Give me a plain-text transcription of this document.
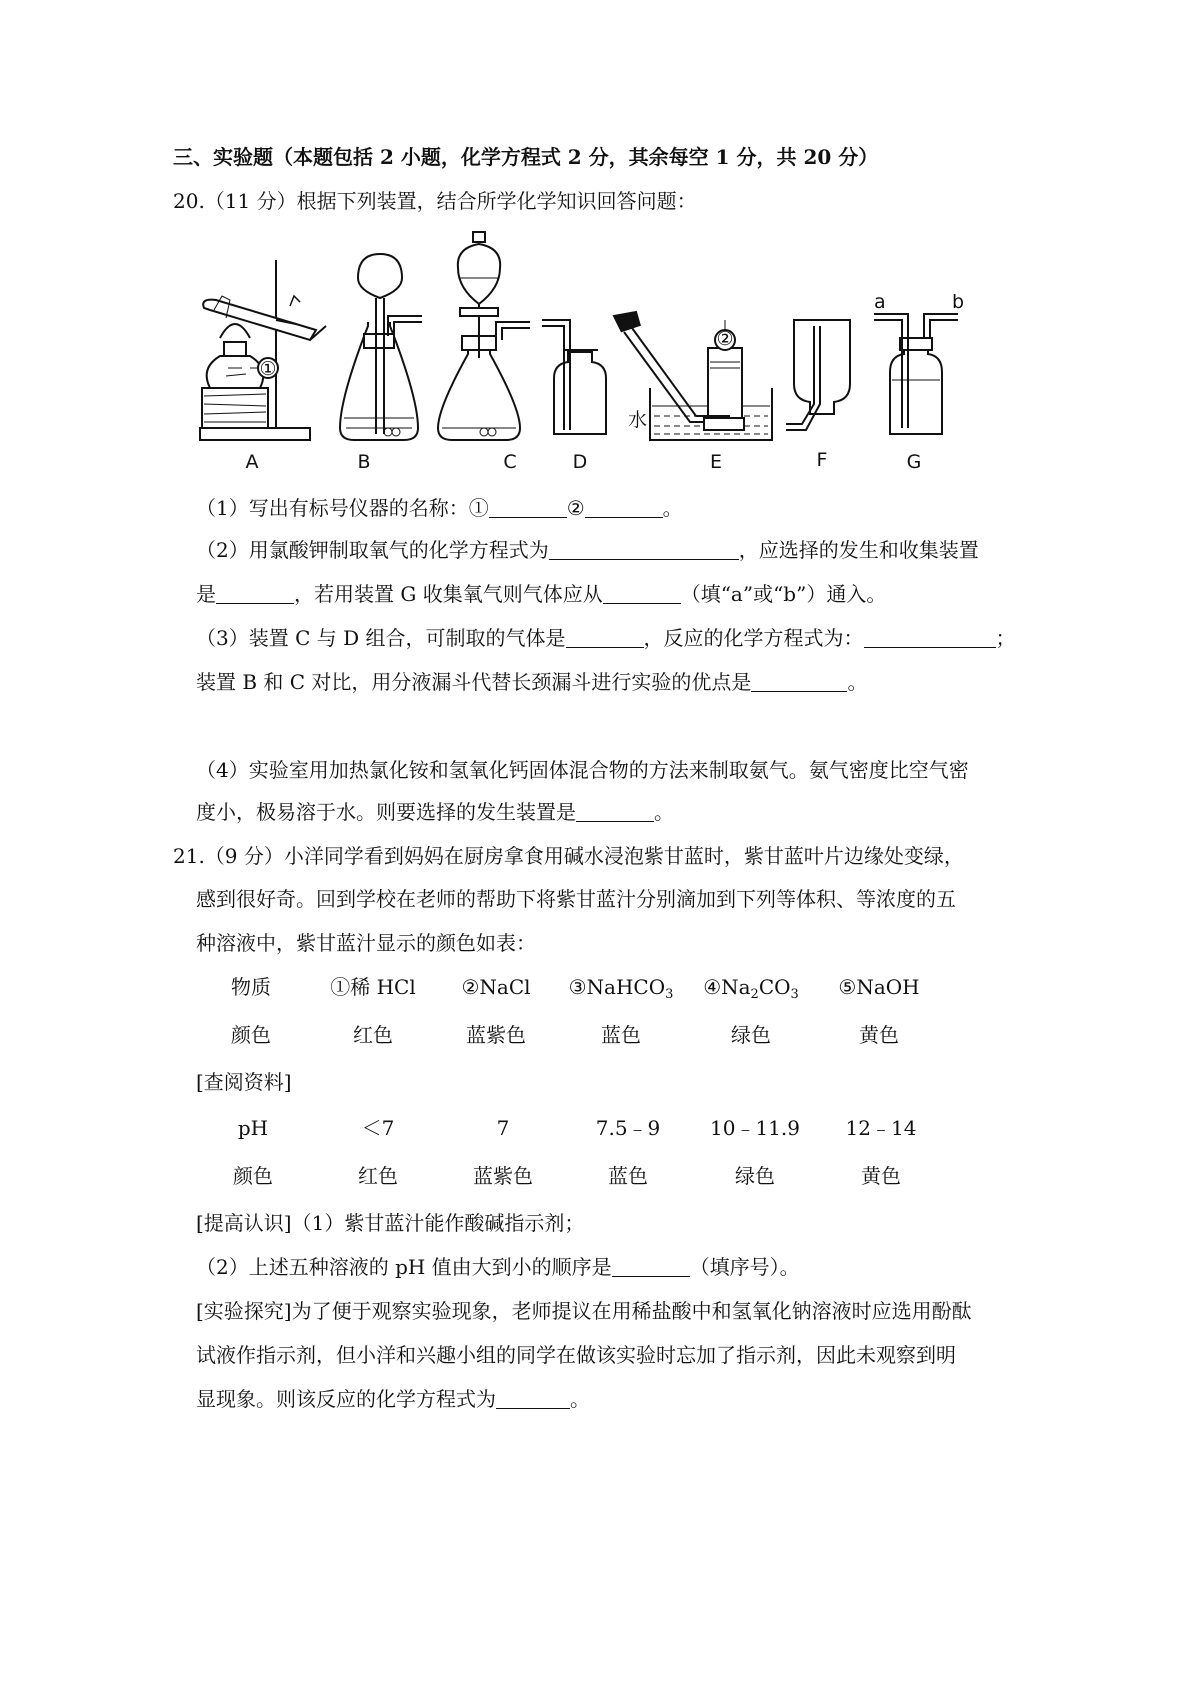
三、实验题（本题包括 2 小题，化学方程式 2 分，其余每空 1 分，共 20 分）
20.（11 分）根据下列装置，结合所学化学知识回答问题：
①
②
水
a	b
A	B	C	D	E	F	G
（1）写出有标号仪器的名称：①	②	。
（2）用氯酸钾制取氧气的化学方程式为	，应选择的发生和收集装置
是	，若用装置 G 收集氧气则气体应从	（填“a”或“b”）通入。
（3）装置 C 与 D 组合，可制取的气体是	，反应的化学方程式为：	；
装置 B 和 C 对比，用分液漏斗代替长颈漏斗进行实验的优点是	。
（4）实验室用加热氯化铵和氢氧化钙固体混合物的方法来制取氨气。氨气密度比空气密
度小，极易溶于水。则要选择的发生装置是	。
21.（9 分）小洋同学看到妈妈在厨房拿食用碱水浸泡紫甘蓝时，紫甘蓝叶片边缘处变绿，
感到很好奇。回到学校在老师的帮助下将紫甘蓝汁分别滴加到下列等体积、等浓度的五
种溶液中，紫甘蓝汁显示的颜色如表：
物质	①稀 HCl	②NaCl	③NaHCO$_3$	$④Na_2CO_3$	⑤NaOH
颜色	红色	蓝紫色	蓝色	绿色	黄色
[查阅资料]
pH	＜7	7	7.5﹣9	10﹣11.9	12﹣14
颜色	红色	蓝紫色	蓝色	绿色	黄色
[提高认识]（1）紫甘蓝汁能作酸碱指示剂；
（2）上述五种溶液的 pH 值由大到小的顺序是	（填序号）。
[实验探究]为了便于观察实验现象，老师提议在用稀盐酸中和氢氧化钠溶液时应选用酚酞
试液作指示剂，但小洋和兴趣小组的同学在做该实验时忘加了指示剂，因此未观察到明
显现象。则该反应的化学方程式为	。
